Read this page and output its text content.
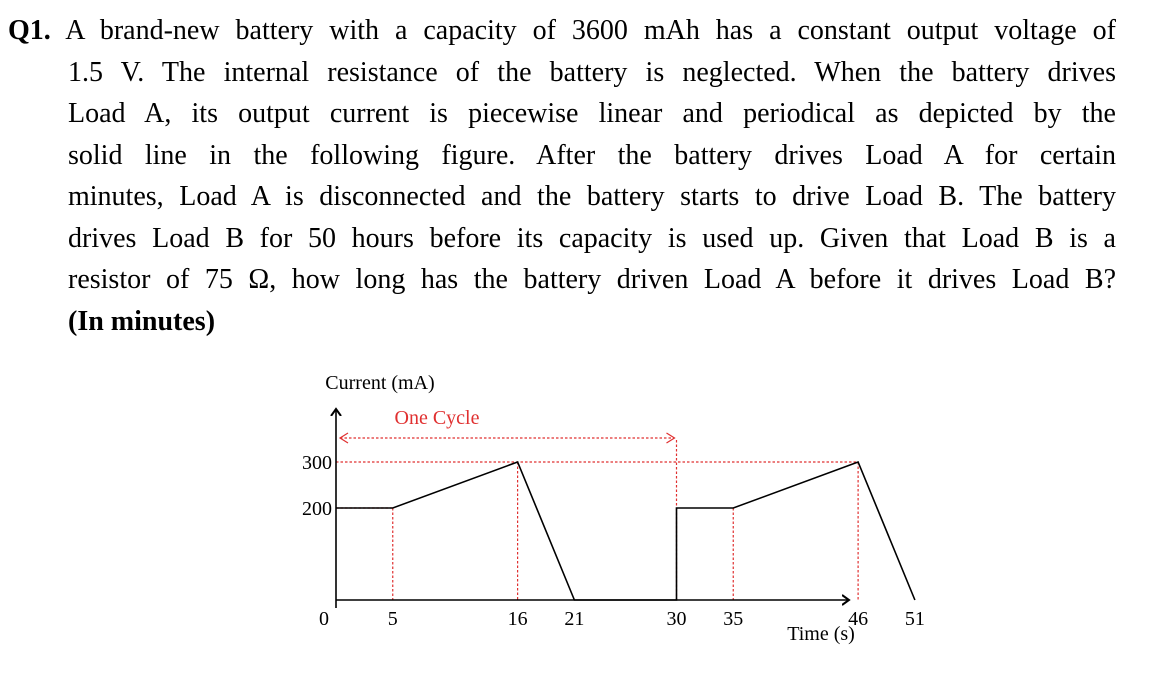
Q1. A brand-new battery with a capacity of 3600 mAh has a constant output voltage of
1.5 V. The internal resistance of the battery is neglected. When the battery drives
Load A, its output current is piecewise linear and periodical as depicted by the
solid line in the following figure. After the battery drives Load A for certain
minutes, Load A is disconnected and the battery starts to drive Load B. The battery
drives Load B for 50 hours before its capacity is used up. Given that Load B is a
resistor of 75 Ω, how long has the battery driven Load A before it drives Load B?
(In minutes)
One Cycle
0	5	16 21	30 35	46 51
200
300
Current (mA)
Time (s)
